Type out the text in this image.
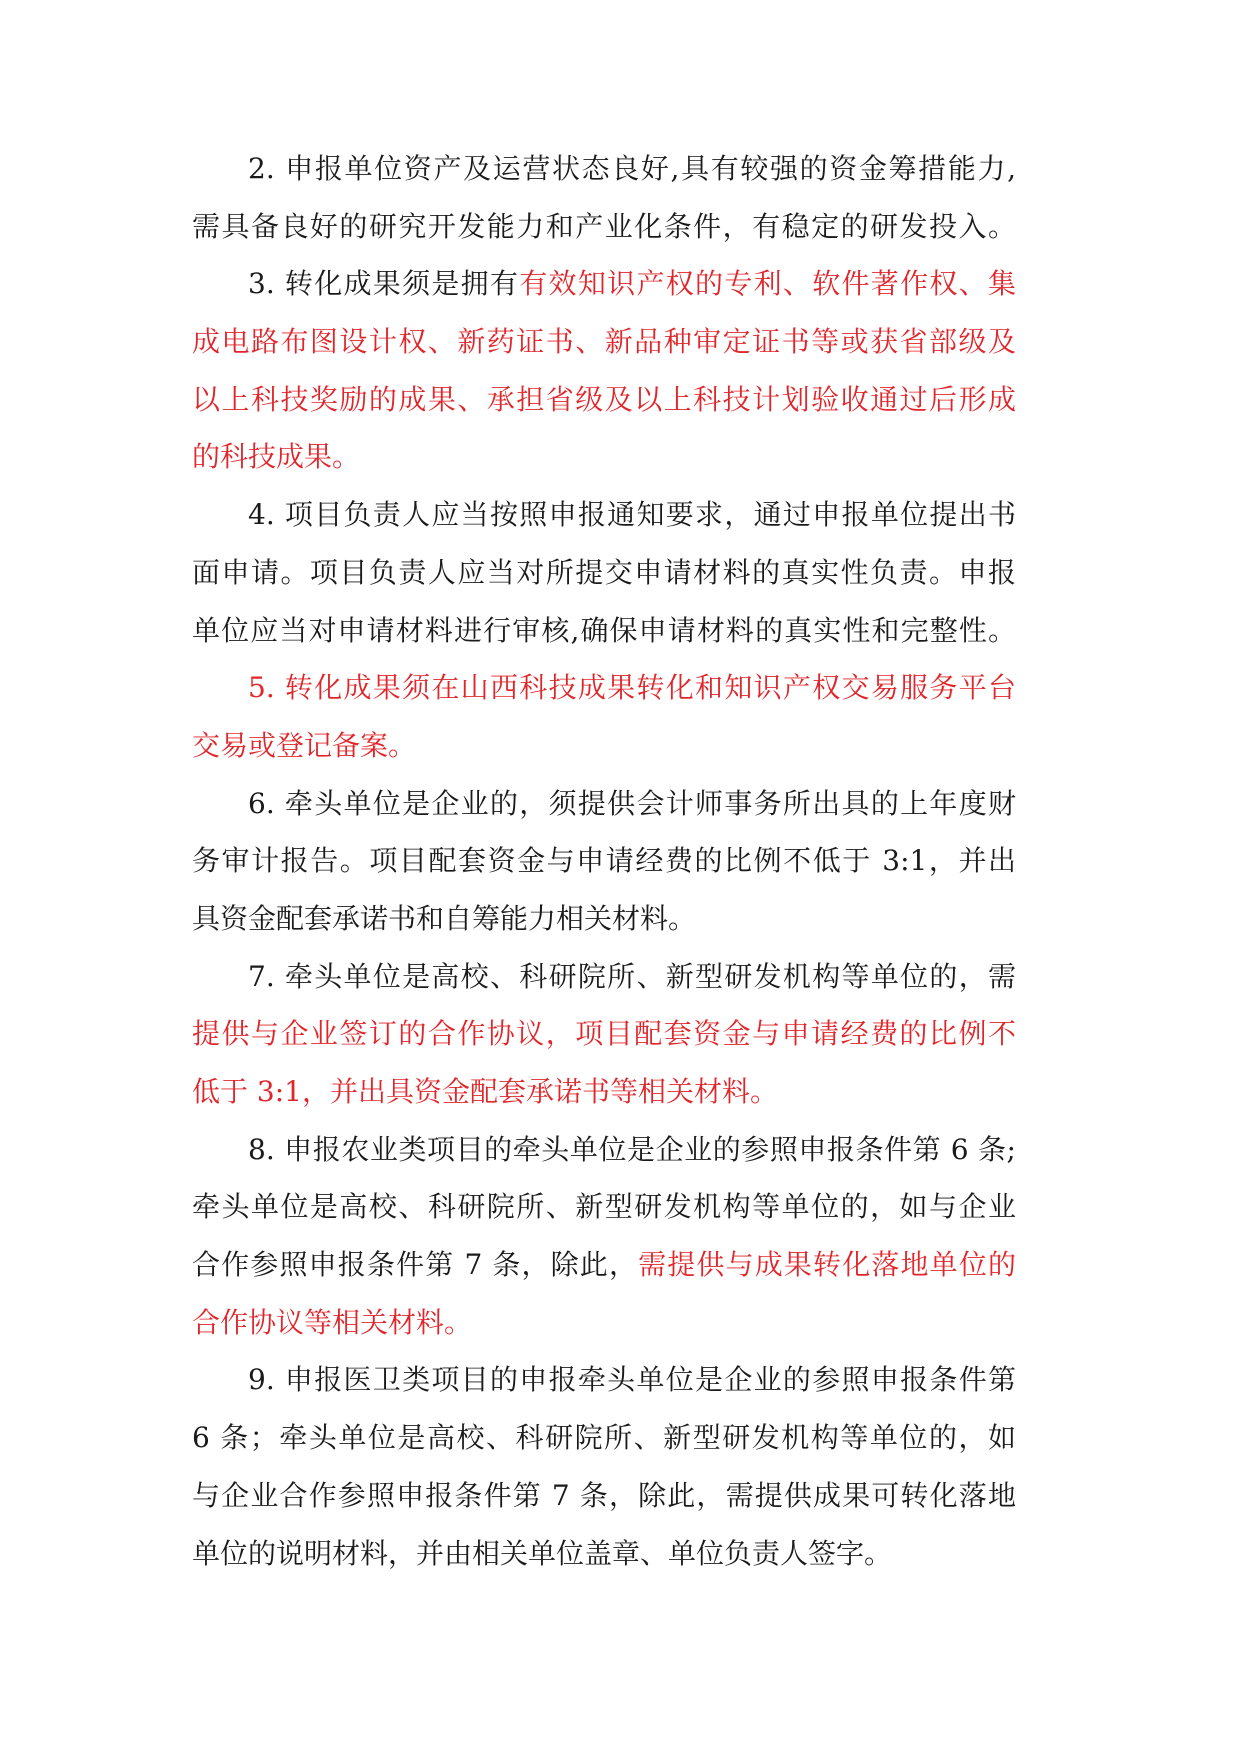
2. 申报单位资产及运营状态良好,具有较强的资金筹措能力,
需具备良好的研究开发能力和产业化条件，有稳定的研发投入。
3. 转化成果须是拥有有效知识产权的专利、软件著作权、集
成电路布图设计权、新药证书、新品种审定证书等或获省部级及
以上科技奖励的成果、承担省级及以上科技计划验收通过后形成
的科技成果。
4. 项目负责人应当按照申报通知要求，通过申报单位提出书
面申请。项目负责人应当对所提交申请材料的真实性负责。申报
单位应当对申请材料进行审核,确保申请材料的真实性和完整性。
5. 转化成果须在山西科技成果转化和知识产权交易服务平台
交易或登记备案。
6. 牵头单位是企业的，须提供会计师事务所出具的上年度财
务审计报告。项目配套资金与申请经费的比例不低于 3:1，并出
具资金配套承诺书和自筹能力相关材料。
7. 牵头单位是高校、科研院所、新型研发机构等单位的，需
提供与企业签订的合作协议，项目配套资金与申请经费的比例不
低于 3:1，并出具资金配套承诺书等相关材料。
8. 申报农业类项目的牵头单位是企业的参照申报条件第 6 条;
牵头单位是高校、科研院所、新型研发机构等单位的，如与企业
合作参照申报条件第 7 条，除此，需提供与成果转化落地单位的
合作协议等相关材料。
9. 申报医卫类项目的申报牵头单位是企业的参照申报条件第
6 条；牵头单位是高校、科研院所、新型研发机构等单位的，如
与企业合作参照申报条件第 7 条，除此，需提供成果可转化落地
单位的说明材料，并由相关单位盖章、单位负责人签字。
